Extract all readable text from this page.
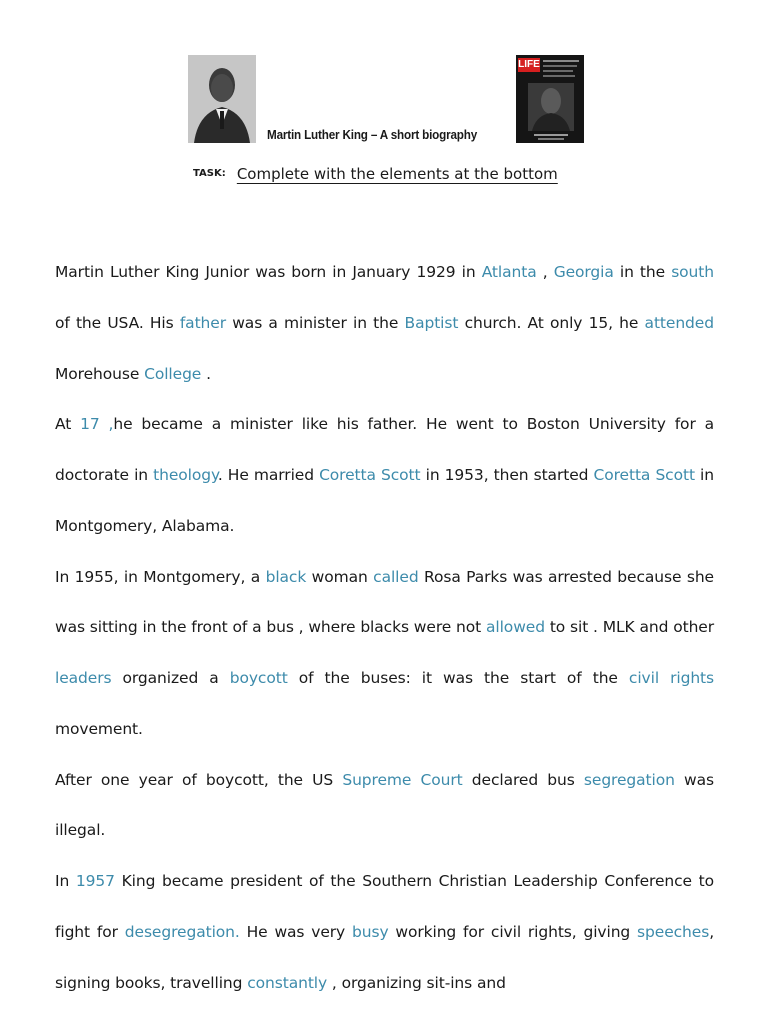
LIFE
Martin Luther King – A short biography
TASK: Complete with the elements at the bottom

Martin Luther King Junior was born in January 1929 in Atlanta , Georgia in the south of the USA. His father was a minister in the Baptist church. At only 15, he attended Morehouse College .

At 17 ,he became a minister like his father. He went to Boston University for a doctorate in theology. He married Coretta Scott in 1953, then started Coretta Scott in Montgomery, Alabama.

In 1955, in Montgomery, a black woman called Rosa Parks was arrested because she was sitting in the front of a bus , where blacks were not allowed to sit . MLK and other leaders organized a boycott of the buses: it was the start of the civil rights movement.

After one year of boycott, the US Supreme Court declared bus segregation was illegal.

In 1957 King became president of the Southern Christian Leadership Conference to fight for desegregation. He was very busy working for civil rights, giving speeches, signing books, travelling constantly , organizing sit-ins and
